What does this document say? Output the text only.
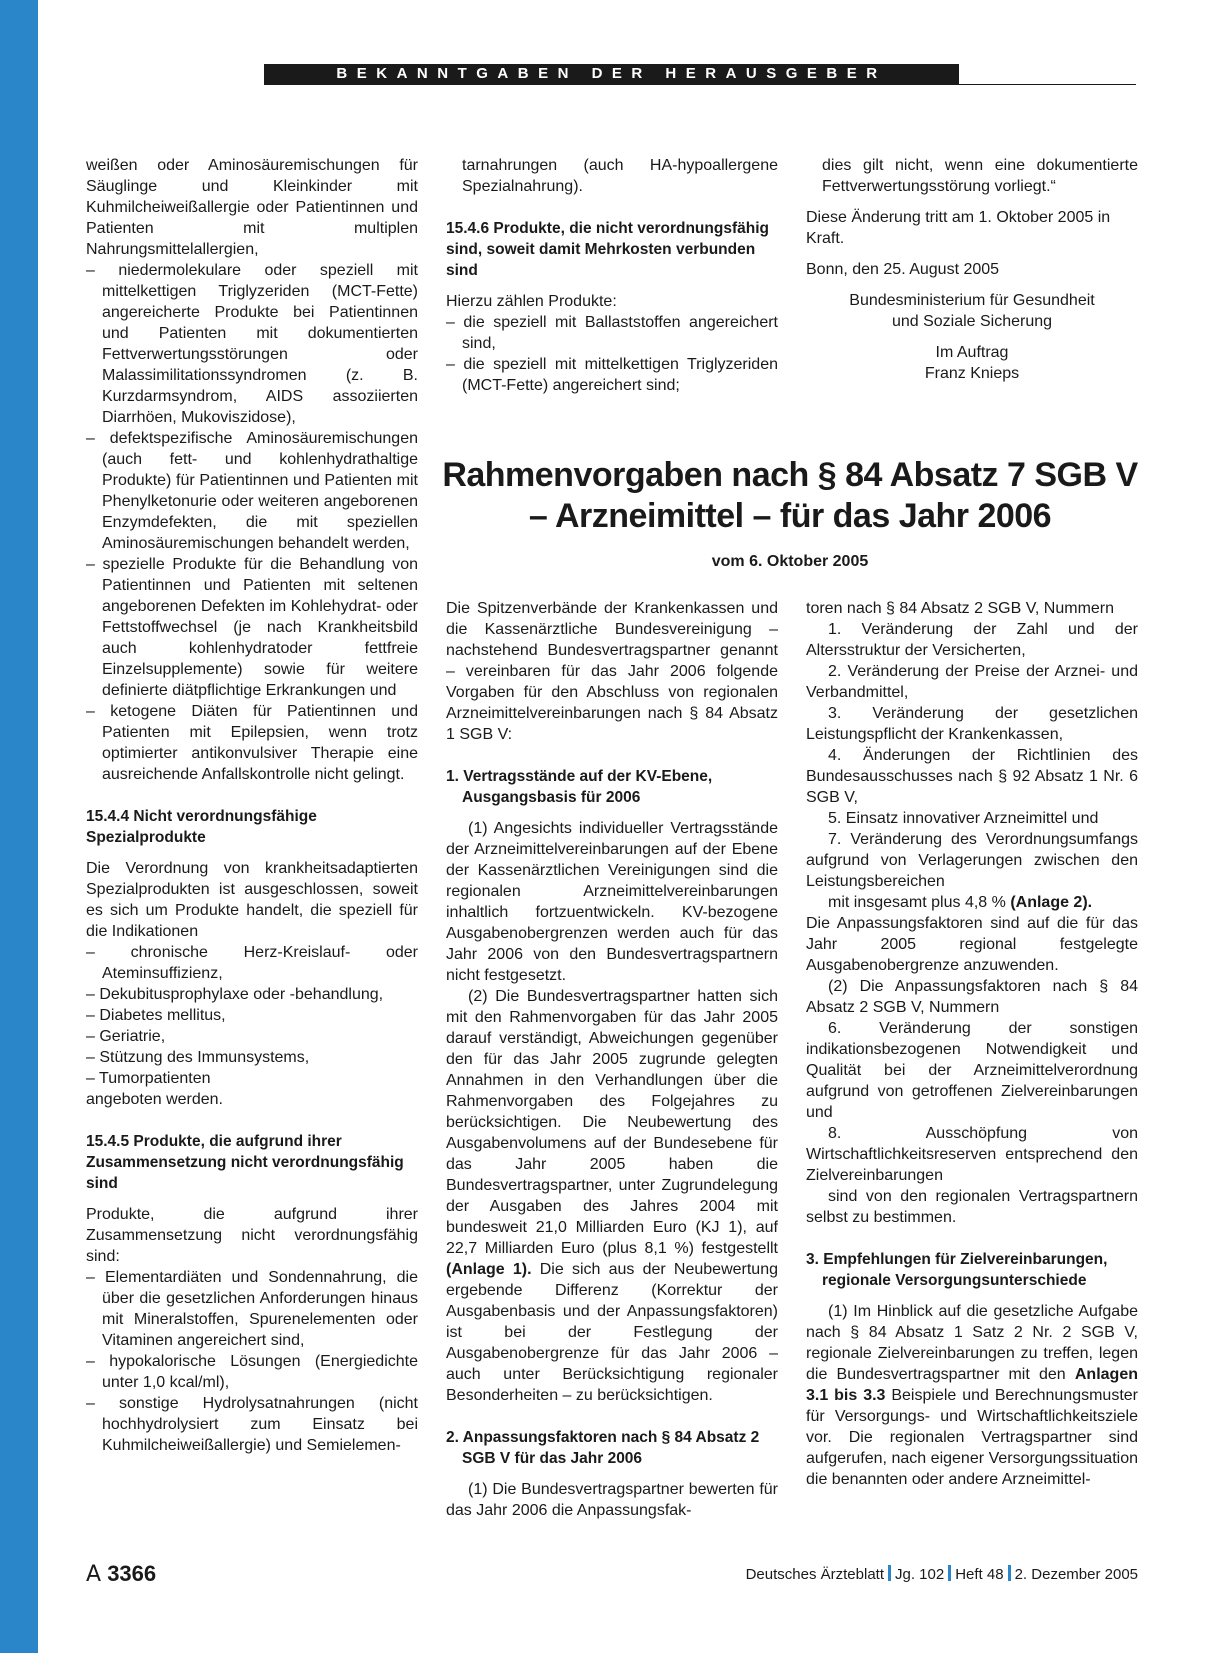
BEKANNTGABEN DER HERAUSGEBER

weißen oder Aminosäuremischungen für Säuglinge und Kleinkinder mit Kuhmilcheiweißallergie oder Patientinnen und Patienten mit multiplen Nahrungsmittelallergien,

– niedermolekulare oder speziell mit mittelkettigen Triglyzeriden (MCT-Fette) angereicherte Produkte bei Patientinnen und Patienten mit dokumentierten Fettverwertungsstörungen oder Malassimilitationssyndromen (z. B. Kurzdarmsyndrom, AIDS assoziierten Diarrhöen, Mukoviszidose),

– defektspezifische Aminosäuremischungen (auch fett- und kohlenhydrathaltige Produkte) für Patientinnen und Patienten mit Phenylketonurie oder weiteren angeborenen Enzymdefekten, die mit speziellen Aminosäuremischungen behandelt werden,

– spezielle Produkte für die Behandlung von Patientinnen und Patienten mit seltenen angeborenen Defekten im Kohlehydrat- oder Fettstoffwechsel (je nach Krankheitsbild auch kohlenhydratoder fettfreie Einzelsupplemente) sowie für weitere definierte diätpflichtige Erkrankungen und

– ketogene Diäten für Patientinnen und Patienten mit Epilepsien, wenn trotz optimierter antikonvulsiver Therapie eine ausreichende Anfallskontrolle nicht gelingt.

15.4.4 Nicht verordnungsfähige Spezialprodukte

Die Verordnung von krankheitsadaptierten Spezialprodukten ist ausgeschlossen, soweit es sich um Produkte handelt, die speziell für die Indikationen

– chronische Herz-Kreislauf- oder Ateminsuffizienz,

– Dekubitusprophylaxe oder -behandlung,

– Diabetes mellitus,

– Geriatrie,

– Stützung des Immunsystems,

– Tumorpatienten

angeboten werden.

15.4.5 Produkte, die aufgrund ihrer Zusammensetzung nicht verordnungsfähig sind

Produkte, die aufgrund ihrer Zusammensetzung nicht verordnungsfähig sind:

– Elementardiäten und Sondennahrung, die über die gesetzlichen Anforderungen hinaus mit Mineralstoffen, Spurenelementen oder Vitaminen angereichert sind,

– hypokalorische Lösungen (Energiedichte unter 1,0 kcal/ml),

– sonstige Hydrolysatnahrungen (nicht hochhydrolysiert zum Einsatz bei Kuhmilcheiweißallergie) und Semielemen-

tarnahrungen (auch HA-hypoallergene Spezialnahrung).

15.4.6 Produkte, die nicht verordnungsfähig sind, soweit damit Mehrkosten verbunden sind

Hierzu zählen Produkte:

– die speziell mit Ballaststoffen angereichert sind,

– die speziell mit mittelkettigen Triglyzeriden (MCT-Fette) angereichert sind;

dies gilt nicht, wenn eine dokumentierte Fettverwertungsstörung vorliegt.“

Diese Änderung tritt am 1. Oktober 2005 in Kraft.

Bonn, den 25. August 2005

Bundesministerium für Gesundheit und Soziale Sicherung

Im Auftrag

Franz Knieps

Rahmenvorgaben nach § 84 Absatz 7 SGB V
– Arzneimittel – für das Jahr 2006
vom 6. Oktober 2005

Die Spitzenverbände der Krankenkassen und die Kassenärztliche Bundesvereinigung – nachstehend Bundesvertragspartner genannt – vereinbaren für das Jahr 2006 folgende Vorgaben für den Abschluss von regionalen Arzneimittelvereinbarungen nach § 84 Absatz 1 SGB V:

1. Vertragsstände auf der KV-Ebene, Ausgangsbasis für 2006

(1) Angesichts individueller Vertragsstände der Arzneimittelvereinbarungen auf der Ebene der Kassenärztlichen Vereinigungen sind die regionalen Arzneimittelvereinbarungen inhaltlich fortzuentwickeln. KV-bezogene Ausgabenobergrenzen werden auch für das Jahr 2006 von den Bundesvertragspartnern nicht festgesetzt.

(2) Die Bundesvertragspartner hatten sich mit den Rahmenvorgaben für das Jahr 2005 darauf verständigt, Abweichungen gegenüber den für das Jahr 2005 zugrunde gelegten Annahmen in den Verhandlungen über die Rahmenvorgaben des Folgejahres zu berücksichtigen. Die Neubewertung des Ausgabenvolumens auf der Bundesebene für das Jahr 2005 haben die Bundesvertragspartner, unter Zugrundelegung der Ausgaben des Jahres 2004 mit bundesweit 21,0 Milliarden Euro (KJ 1), auf 22,7 Milliarden Euro (plus 8,1 %) festgestellt (Anlage 1). Die sich aus der Neubewertung ergebende Differenz (Korrektur der Ausgabenbasis und der Anpassungsfaktoren) ist bei der Festlegung der Ausgabenobergrenze für das Jahr 2006 – auch unter Berücksichtigung regionaler Besonderheiten – zu berücksichtigen.

2. Anpassungsfaktoren nach § 84 Absatz 2 SGB V für das Jahr 2006

(1) Die Bundesvertragspartner bewerten für das Jahr 2006 die Anpassungsfak-

toren nach § 84 Absatz 2 SGB V, Nummern

1. Veränderung der Zahl und der Altersstruktur der Versicherten,

2. Veränderung der Preise der Arznei- und Verbandmittel,

3. Veränderung der gesetzlichen Leistungspflicht der Krankenkassen,

4. Änderungen der Richtlinien des Bundesausschusses nach § 92 Absatz 1 Nr. 6 SGB V,

5. Einsatz innovativer Arzneimittel und

7. Veränderung des Verordnungsumfangs aufgrund von Verlagerungen zwischen den Leistungsbereichen

mit insgesamt plus 4,8 % (Anlage 2).

Die Anpassungsfaktoren sind auf die für das Jahr 2005 regional festgelegte Ausgabenobergrenze anzuwenden.

(2) Die Anpassungsfaktoren nach § 84 Absatz 2 SGB V, Nummern

6. Veränderung der sonstigen indikationsbezogenen Notwendigkeit und Qualität bei der Arzneimittelverordnung aufgrund von getroffenen Zielvereinbarungen und

8. Ausschöpfung von Wirtschaftlichkeitsreserven entsprechend den Zielvereinbarungen

sind von den regionalen Vertragspartnern selbst zu bestimmen.

3. Empfehlungen für Zielvereinbarungen, regionale Versorgungsunterschiede

(1) Im Hinblick auf die gesetzliche Aufgabe nach § 84 Absatz 1 Satz 2 Nr. 2 SGB V, regionale Zielvereinbarungen zu treffen, legen die Bundesvertragspartner mit den Anlagen 3.1 bis 3.3 Beispiele und Berechnungsmuster für Versorgungs- und Wirtschaftlichkeitsziele vor. Die regionalen Vertragspartner sind aufgerufen, nach eigener Versorgungssituation die benannten oder andere Arzneimittel-

A 3366	Deutsches Ärzteblatt Jg. 102 Heft 48 2. Dezember 2005
